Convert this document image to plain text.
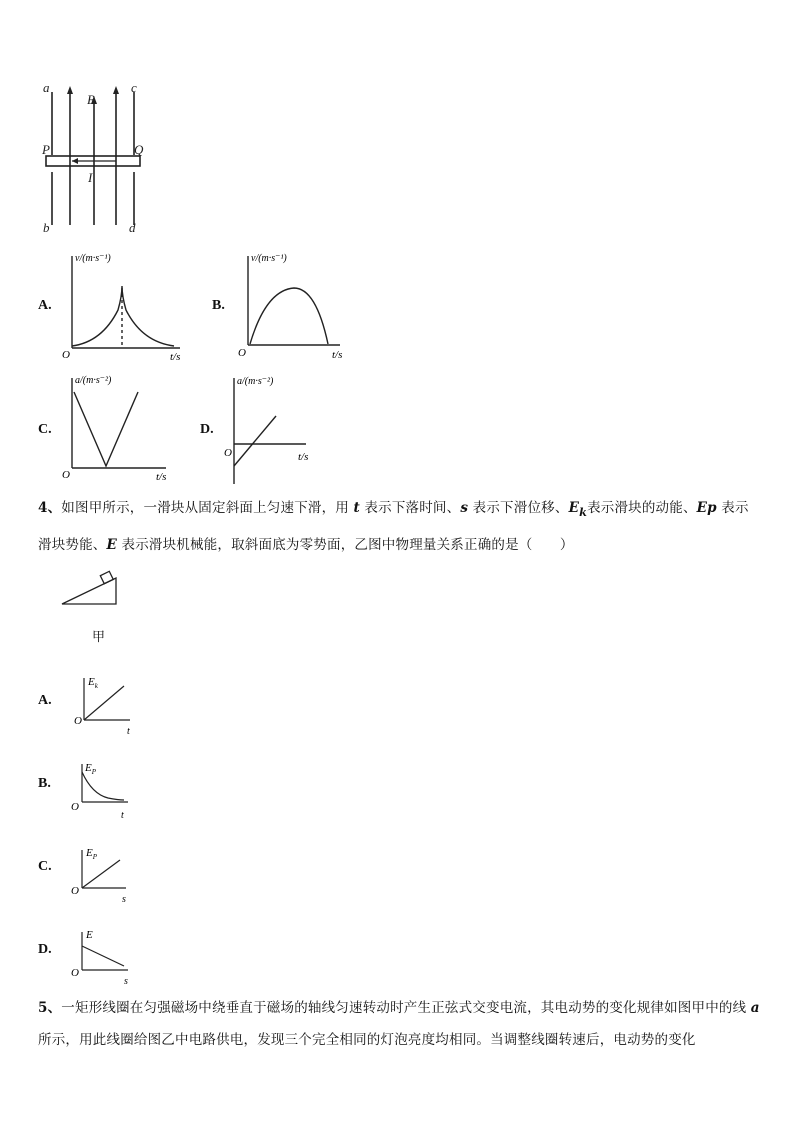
a	c
B
P	Q
I
b	d
A.
v/(m·s⁻¹)
O	t/s
B.
v/(m·s⁻¹)
O	t/s
C.
a/(m·s⁻²)
O	t/s
D.
a/(m·s⁻²)
O	t/s
4、如图甲所示，一滑块从固定斜面上匀速下滑，用 t 表示下落时间、s 表示下滑位移、$E_k$表示滑块的动能、Ep 表示滑块势能、E 表示滑块机械能，取斜面底为零势面，乙图中物理量关系正确的是（　　）
甲
A.
$E_k$
O
t
B.
$E_P$
O
t
C.
$E_P$
O
s
D.
E
O
s
5、一矩形线圈在匀强磁场中绕垂直于磁场的轴线匀速转动时产生正弦式交变电流，其电动势的变化规律如图甲中的线 a 所示，用此线圈给图乙中电路供电，发现三个完全相同的灯泡亮度均相同。当调整线圈转速后，电动势的变化
